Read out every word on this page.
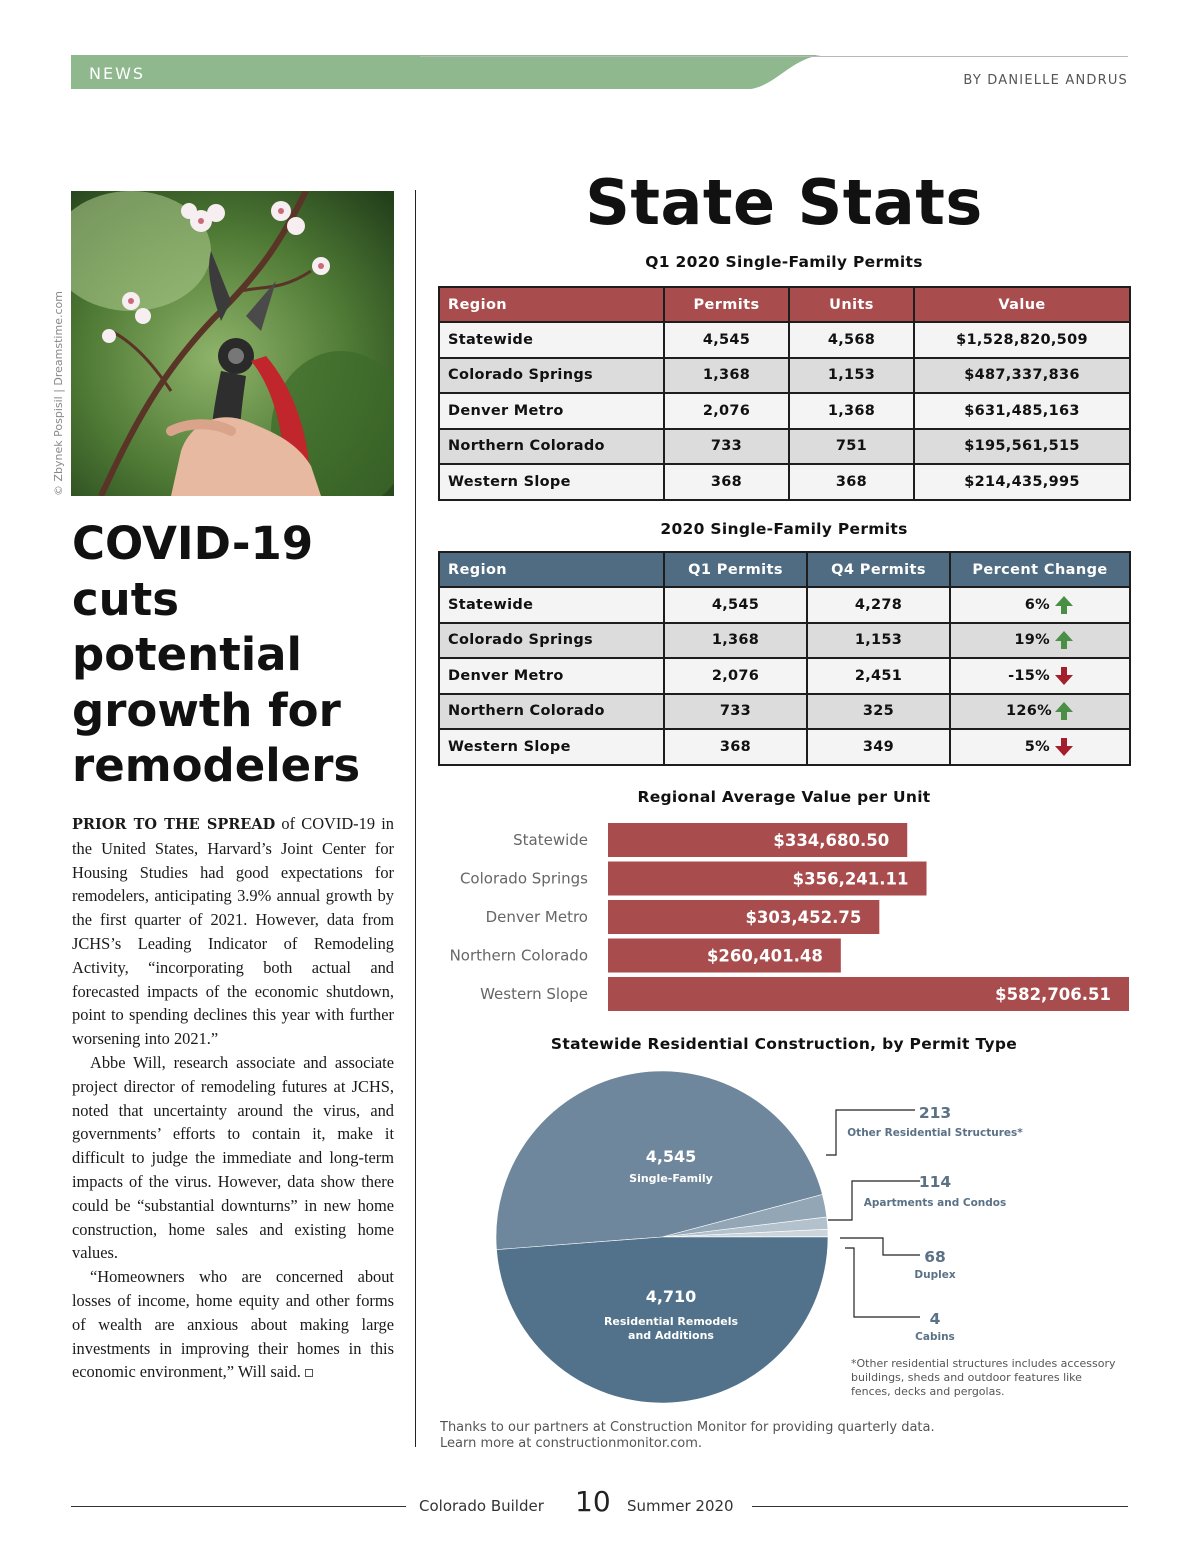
NEWS	BY DANIELLE ANDRUS
© Zbynek Pospisil | Dreamstime.com
COVID-19 cuts potential growth for remodelers

PRIOR TO THE SPREAD of COVID-19 in the United States, Harvard’s Joint Center for Housing Studies had good expectations for remodelers, anticipating 3.9% annual growth by the first quarter of 2021. However, data from JCHS’s Leading Indicator of Remodeling Activity, “incorporating both actual and forecasted impacts of the economic shutdown, point to spending declines this year with further worsening into 2021.”

Abbe Will, research associate and associate project director of remodeling futures at JCHS, noted that uncertainty around the virus, and governments’ efforts to contain it, make it difficult to judge the immediate and long-term impacts of the virus. However, data show there could be “substantial downturns” in new home construction, home sales and existing home values.

“Homeowners who are concerned about losses of income, home equity and other forms of wealth are anxious about making large investments in improving their homes in this economic environment,” Will said.

State Stats
Q1 2020 Single-Family Permits
Region	Permits	Units	Value
Statewide	4,545	4,568	$1,528,820,509
Colorado Springs	1,368	1,153	$487,337,836
Denver Metro	2,076	1,368	$631,485,163
Northern Colorado	733	751	$195,561,515
Western Slope	368	368	$214,435,995
2020 Single-Family Permits
Region	Q1 Permits	Q4 Permits	Percent Change
Statewide	4,545	4,278	6%
Colorado Springs	1,368	1,153	19%
Denver Metro	2,076	2,451	-15%
Northern Colorado	733	325	126%
Western Slope	368	349	5%
Regional Average Value per Unit
Statewide	$334,680.50
Colorado Springs	$356,241.11
Denver Metro	$303,452.75
Northern Colorado	$260,401.48
Western Slope	$582,706.51
Statewide Residential Construction, by Permit Type
4,545
Single-Family
4,710
Residential Remodels
and Additions
213
Other Residential Structures*
114
Apartments and Condos
68
Duplex
4
Cabins
*Other residential structures includes accessory buildings, sheds and outdoor features like fences, decks and pergolas.
Thanks to our partners at Construction Monitor for providing quarterly data.
Learn more at constructionmonitor.com.
Colorado Builder 10 Summer 2020
